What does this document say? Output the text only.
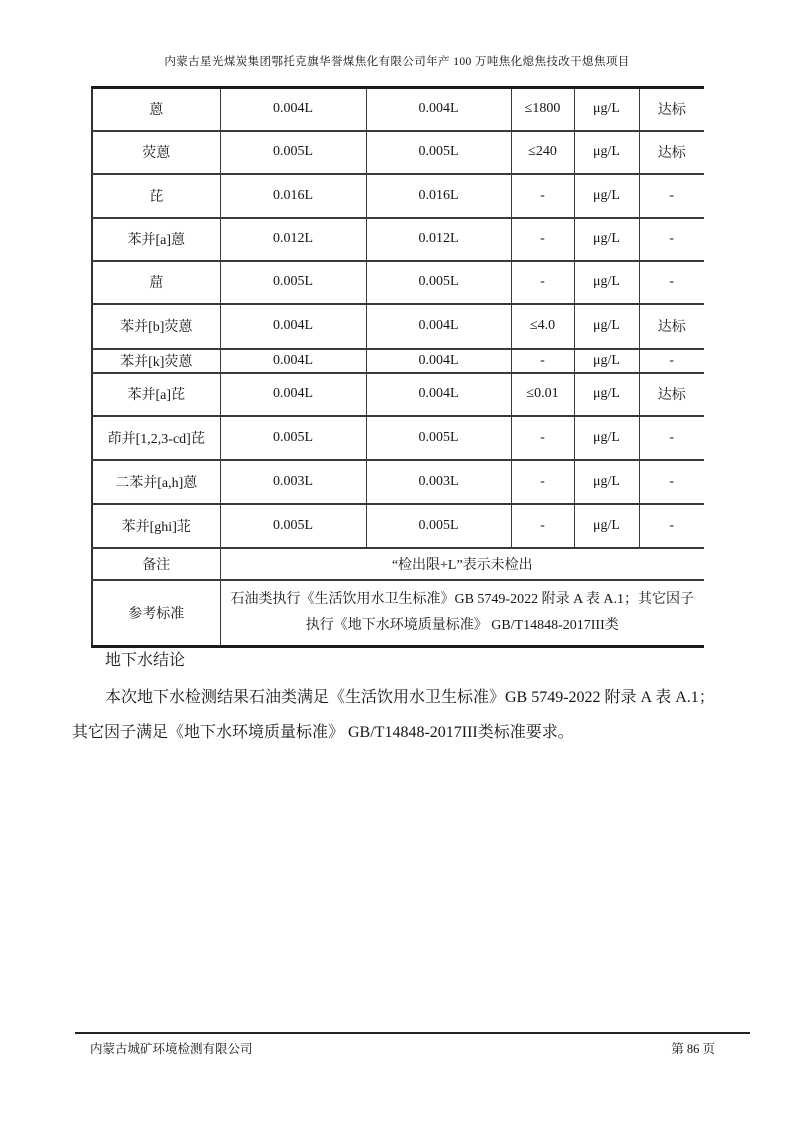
内蒙古星光煤炭集团鄂托克旗华誉煤焦化有限公司年产 100 万吨焦化熄焦技改干熄焦项目
蒽	0.004L	0.004L	≤1800	μg/L	达标
荧蒽	0.005L	0.005L	≤240	μg/L	达标
芘	0.016L	0.016L	-	μg/L	-
苯并[a]蒽	0.012L	0.012L	-	μg/L	-
䓛	0.005L	0.005L	-	μg/L	-
苯并[b]荧蒽	0.004L	0.004L	≤4.0	μg/L	达标
苯并[k]荧蒽	0.004L	0.004L	-	μg/L	-
苯并[a]芘	0.004L	0.004L	≤0.01	μg/L	达标
茚并[1,2,3-cd]芘	0.005L	0.005L	-	μg/L	-
二苯并[a,h]蒽	0.003L	0.003L	-	μg/L	-
苯并[ghi]苝	0.005L	0.005L	-	μg/L	-
备注	“检出限+L”表示未检出				
参考标准	石油类执行《生活饮用水卫生标准》GB 5749-2022 附录 A 表 A.1；其它因子
执行《地下水环境质量标准》 GB/T14848-2017III类				
地下水结论
本次地下水检测结果石油类满足《生活饮用水卫生标准》GB 5749-2022 附录 A 表 A.1；
其它因子满足《地下水环境质量标准》 GB/T14848-2017III类标准要求。
内蒙古城矿环境检测有限公司	第 86 页
